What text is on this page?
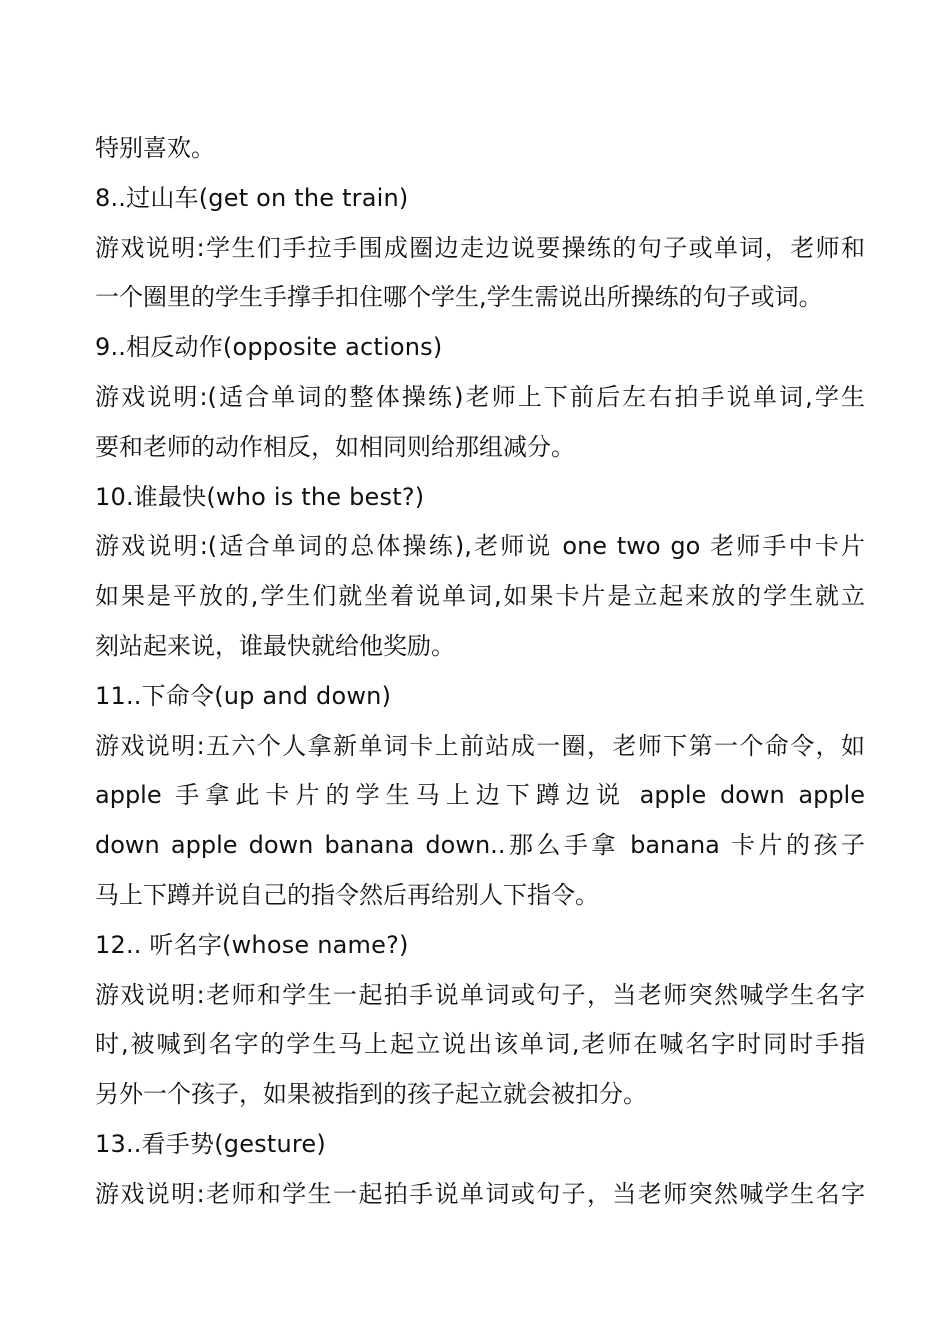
特别喜欢。
8..过山车(get on the train)
游戏说明:学生们手拉手围成圈边走边说要操练的句子或单词，老师和
一个圈里的学生手撑手扣住哪个学生,学生需说出所操练的句子或词。
9..相反动作(opposite actions)
游戏说明:(适合单词的整体操练)老师上下前后左右拍手说单词,学生
要和老师的动作相反，如相同则给那组减分。
10.谁最快(who is the best?)
游戏说明:(适合单词的总体操练),老师说 one two go 老师手中卡片
如果是平放的,学生们就坐着说单词,如果卡片是立起来放的学生就立
刻站起来说，谁最快就给他奖励。
11..下命令(up and down)
游戏说明:五六个人拿新单词卡上前站成一圈，老师下第一个命令，如
apple 手拿此卡片的学生马上边下蹲边说 apple down apple
down apple down banana down..那么手拿 banana 卡片的孩子
马上下蹲并说自己的指令然后再给别人下指令。
12.. 听名字(whose name?)
游戏说明:老师和学生一起拍手说单词或句子，当老师突然喊学生名字
时,被喊到名字的学生马上起立说出该单词,老师在喊名字时同时手指
另外一个孩子，如果被指到的孩子起立就会被扣分。
13..看手势(gesture)
游戏说明:老师和学生一起拍手说单词或句子，当老师突然喊学生名字
